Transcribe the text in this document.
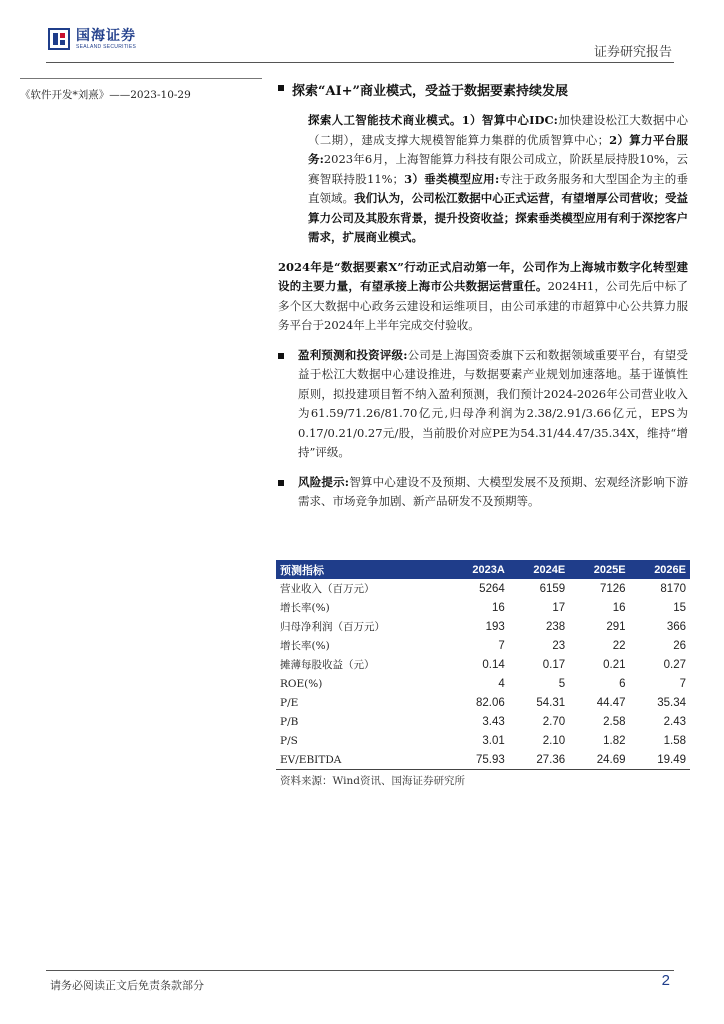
国海证券
SEALAND SECURITIES	证券研究报告
《软件开发*刘熹》——2023-10-29	探索“AI+”商业模式，受益于数据要素持续发展
探索人工智能技术商业模式。1）智算中心IDC:加快建设松江大数据中心（二期），建成支撑大规模智能算力集群的优质智算中心；2）算力平台服务:2023年6月，上海智能算力科技有限公司成立，阶跃星辰持股10%，云赛智联持股11%；3）垂类模型应用:专注于政务服务和大型国企为主的垂直领域。我们认为，公司松江数据中心正式运营，有望增厚公司营收；受益算力公司及其股东背景，提升投资收益；探索垂类模型应用有利于深挖客户需求，扩展商业模式。
2024年是“数据要素X”行动正式启动第一年，公司作为上海城市数字化转型建设的主要力量，有望承接上海市公共数据运营重任。2024H1，公司先后中标了多个区大数据中心政务云建设和运维项目，由公司承建的市超算中心公共算力服务平台于2024年上半年完成交付验收。
盈利预测和投资评级:公司是上海国资委旗下云和数据领域重要平台，有望受益于松江大数据中心建设推进，与数据要素产业规划加速落地。基于谨慎性原则，拟投建项目暂不纳入盈利预测，我们预计2024-2026年公司营业收入为61.59/71.26/81.70亿元,归母净利润为2.38/2.91/3.66亿元，EPS为0.17/0.21/0.27元/股，当前股价对应PE为54.31/44.47/35.34X，维持“增持”评级。
风险提示:智算中心建设不及预期、大模型发展不及预期、宏观经济影响下游需求、市场竞争加剧、新产品研发不及预期等。
预测指标	2023A	2024E	2025E	2026E
营业收入（百万元）	5264	6159	7126	8170
增长率(%)	16	17	16	15
归母净利润（百万元）	193	238	291	366
增长率(%)	7	23	22	26
摊薄每股收益（元）	0.14	0.17	0.21	0.27
ROE(%)	4	5	6	7
P/E	82.06	54.31	44.47	35.34
P/B	3.43	2.70	2.58	2.43
P/S	3.01	2.10	1.82	1.58
EV/EBITDA	75.93	27.36	24.69	19.49
资料来源：Wind资讯、国海证券研究所
请务必阅读正文后免责条款部分	2
